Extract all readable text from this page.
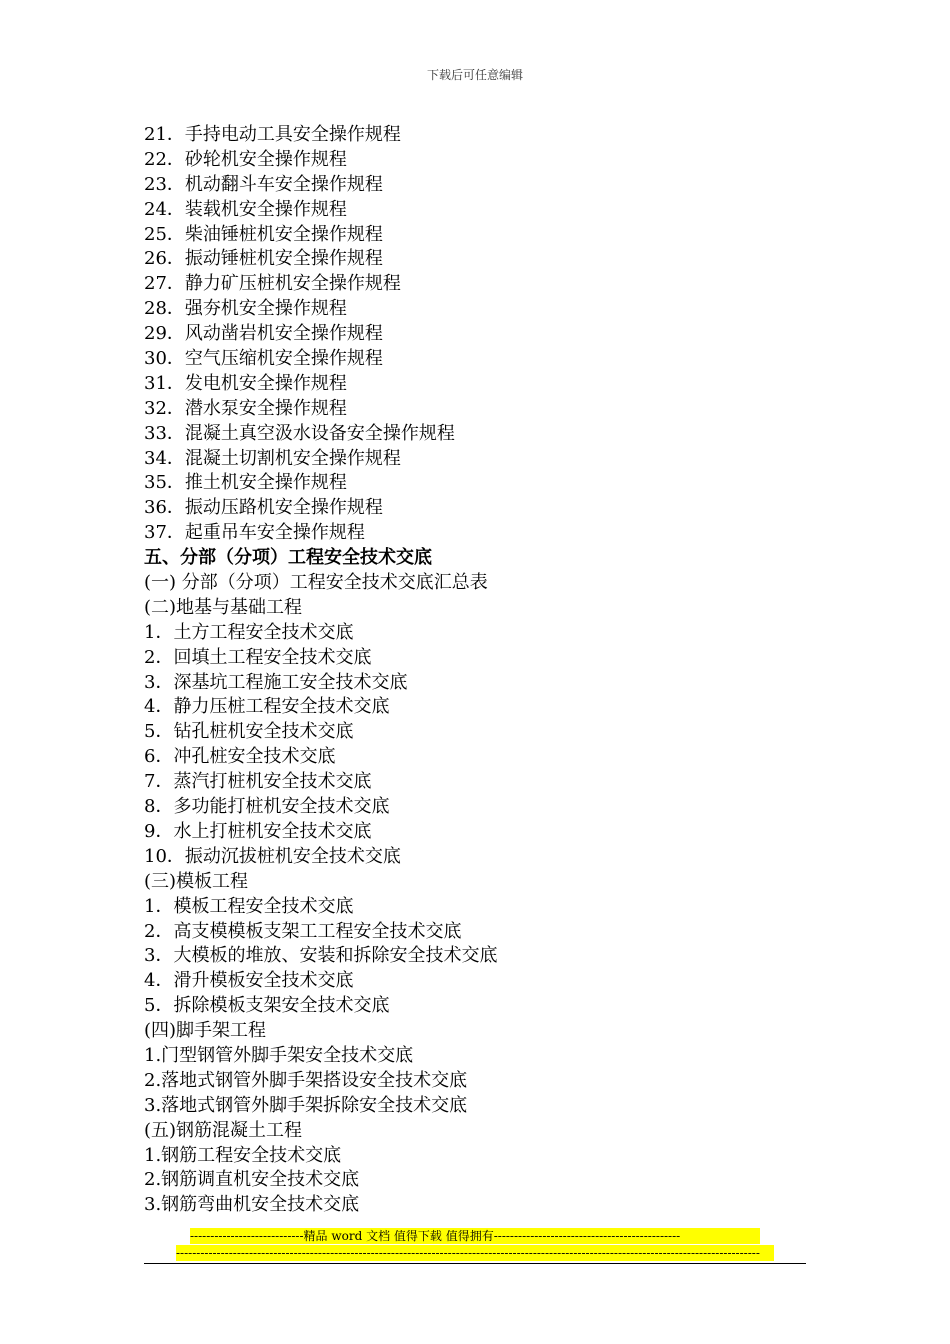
下载后可任意编辑
21．手持电动工具安全操作规程
22．砂轮机安全操作规程
23．机动翻斗车安全操作规程
24．装载机安全操作规程
25．柴油锤桩机安全操作规程
26．振动锤桩机安全操作规程
27．静力矿压桩机安全操作规程
28．强夯机安全操作规程
29．风动凿岩机安全操作规程
30．空气压缩机安全操作规程
31．发电机安全操作规程
32．潜水泵安全操作规程
33．混凝土真空汲水设备安全操作规程
34．混凝土切割机安全操作规程
35．推土机安全操作规程
36．振动压路机安全操作规程
37．起重吊车安全操作规程
五、分部（分项）工程安全技术交底
(一) 分部（分项）工程安全技术交底汇总表
(二)地基与基础工程
1．土方工程安全技术交底
2．回填土工程安全技术交底
3．深基坑工程施工安全技术交底
4．静力压桩工程安全技术交底
5．钻孔桩机安全技术交底
6．冲孔桩安全技术交底
7．蒸汽打桩机安全技术交底
8．多功能打桩机安全技术交底
9．水上打桩机安全技术交底
10．振动沉拔桩机安全技术交底
(三)模板工程
1．模板工程安全技术交底
2．高支模模板支架工工程安全技术交底
3．大模板的堆放、安装和拆除安全技术交底
4．滑升模板安全技术交底
5．拆除模板支架安全技术交底
(四)脚手架工程
1.门型钢管外脚手架安全技术交底
2.落地式钢管外脚手架搭设安全技术交底
3.落地式钢管外脚手架拆除安全技术交底
(五)钢筋混凝土工程
1.钢筋工程安全技术交底
2.钢筋调直机安全技术交底
3.钢筋弯曲机安全技术交底
----------------------------精品 word 文档 值得下载 值得拥有----------------------------------------------
------------------------------------------------------------------------------------------------------------------------------------------------
